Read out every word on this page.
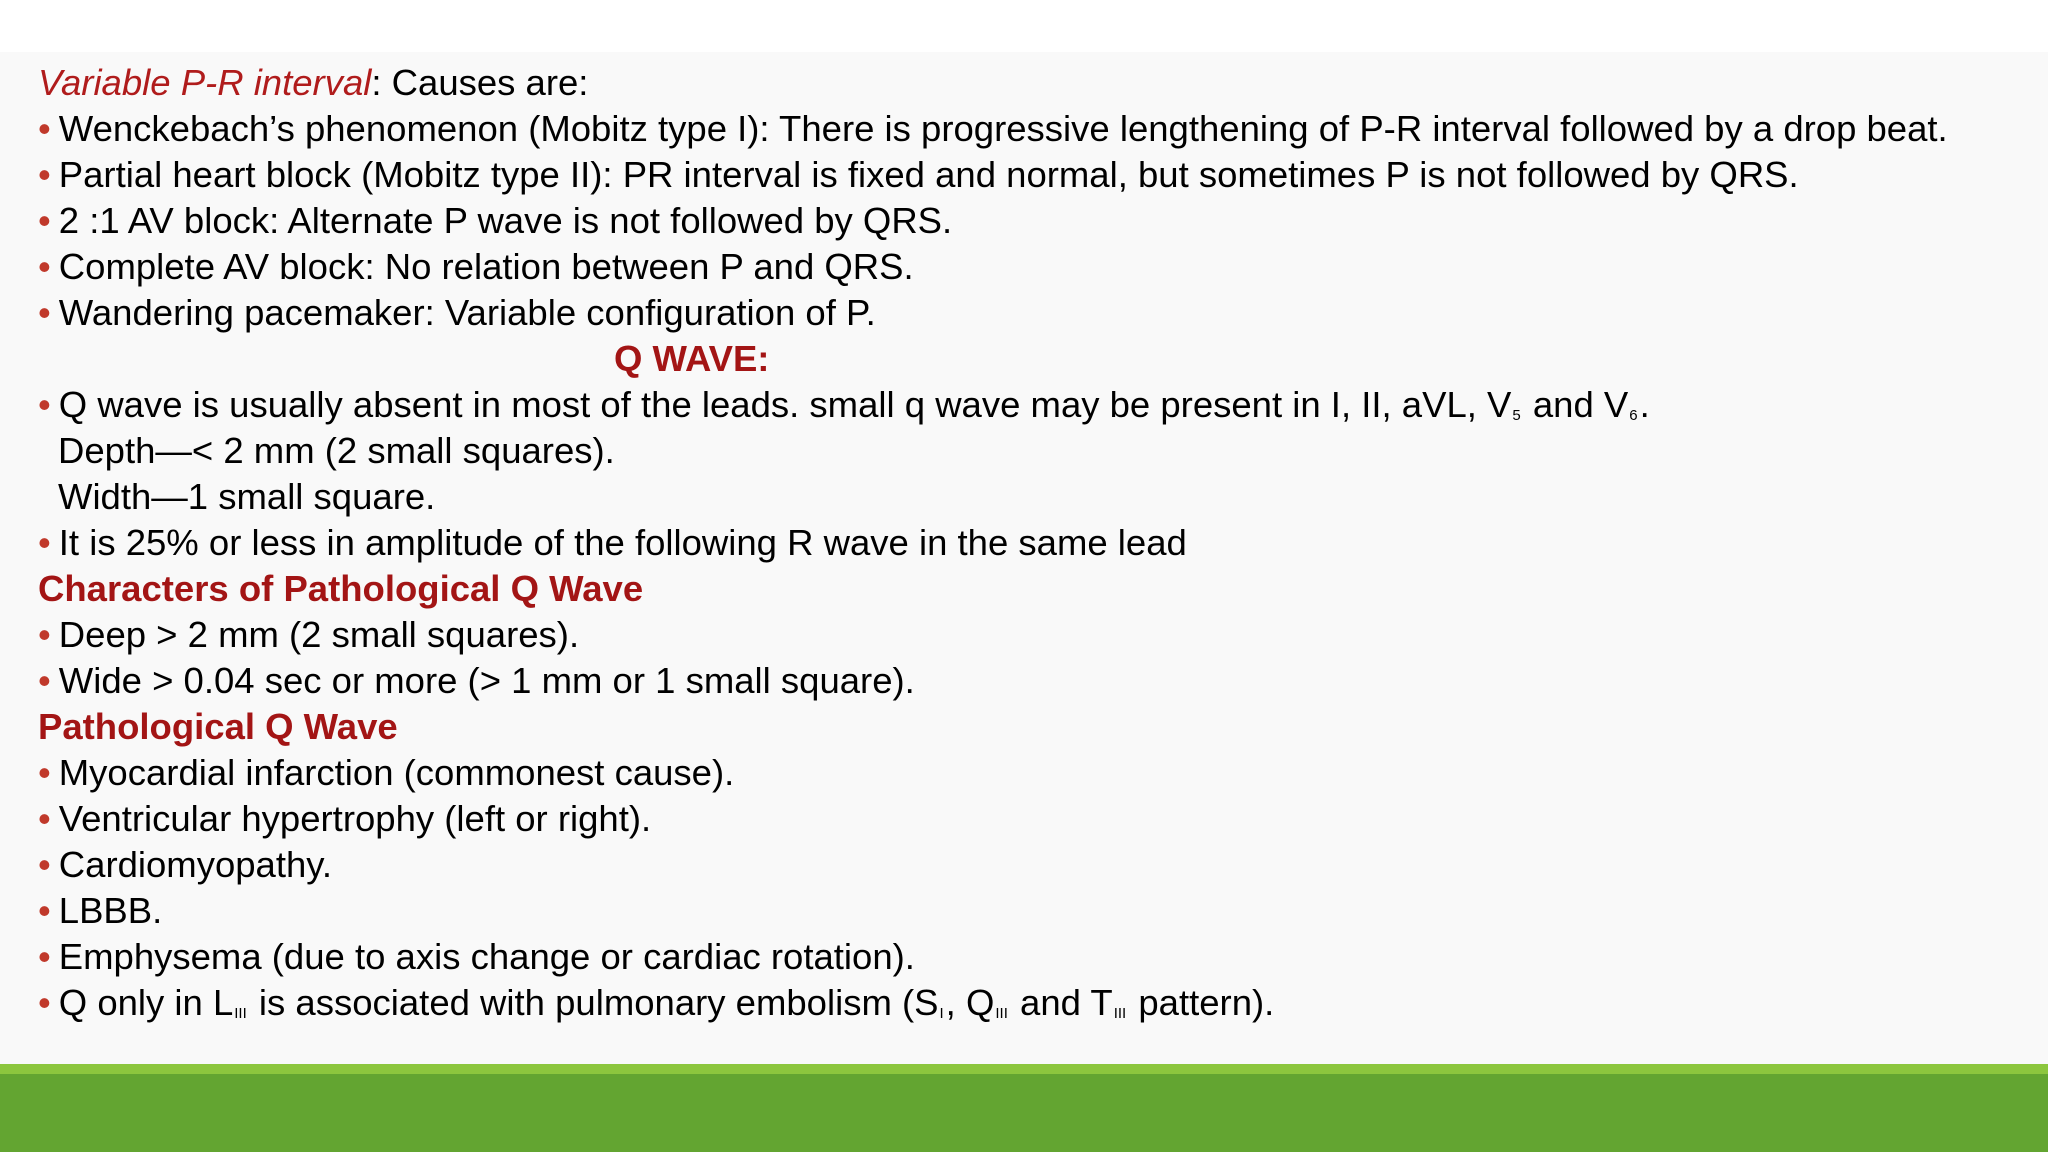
Variable P-R interval: Causes are:
• Wenckebach’s phenomenon (Mobitz type I): There is progressive lengthening of P-R interval followed by a drop beat.
• Partial heart block (Mobitz type II): PR interval is fixed and normal, but sometimes P is not followed by QRS.
• 2 :1 AV block: Alternate P wave is not followed by QRS.
• Complete AV block: No relation between P and QRS.
• Wandering pacemaker: Variable configuration of P.
Q WAVE:
• Q wave is usually absent in most of the leads. small q wave may be present in I, II, aVL, $V_5$ and $V_6$.
Depth—< 2 mm (2 small squares).
Width—1 small square.
• It is 25% or less in amplitude of the following R wave in the same lead
Characters of Pathological Q Wave
• Deep > 2 mm (2 small squares).
• Wide > 0.04 sec or more (> 1 mm or 1 small square).
Pathological Q Wave
• Myocardial infarction (commonest cause).
• Ventricular hypertrophy (left or right).
• Cardiomyopathy.
• LBBB.
• Emphysema (due to axis change or cardiac rotation).
• Q only in $L_{III}$ is associated with pulmonary embolism ($S_I$, $Q_{III}$ and $T_{III}$ pattern).
